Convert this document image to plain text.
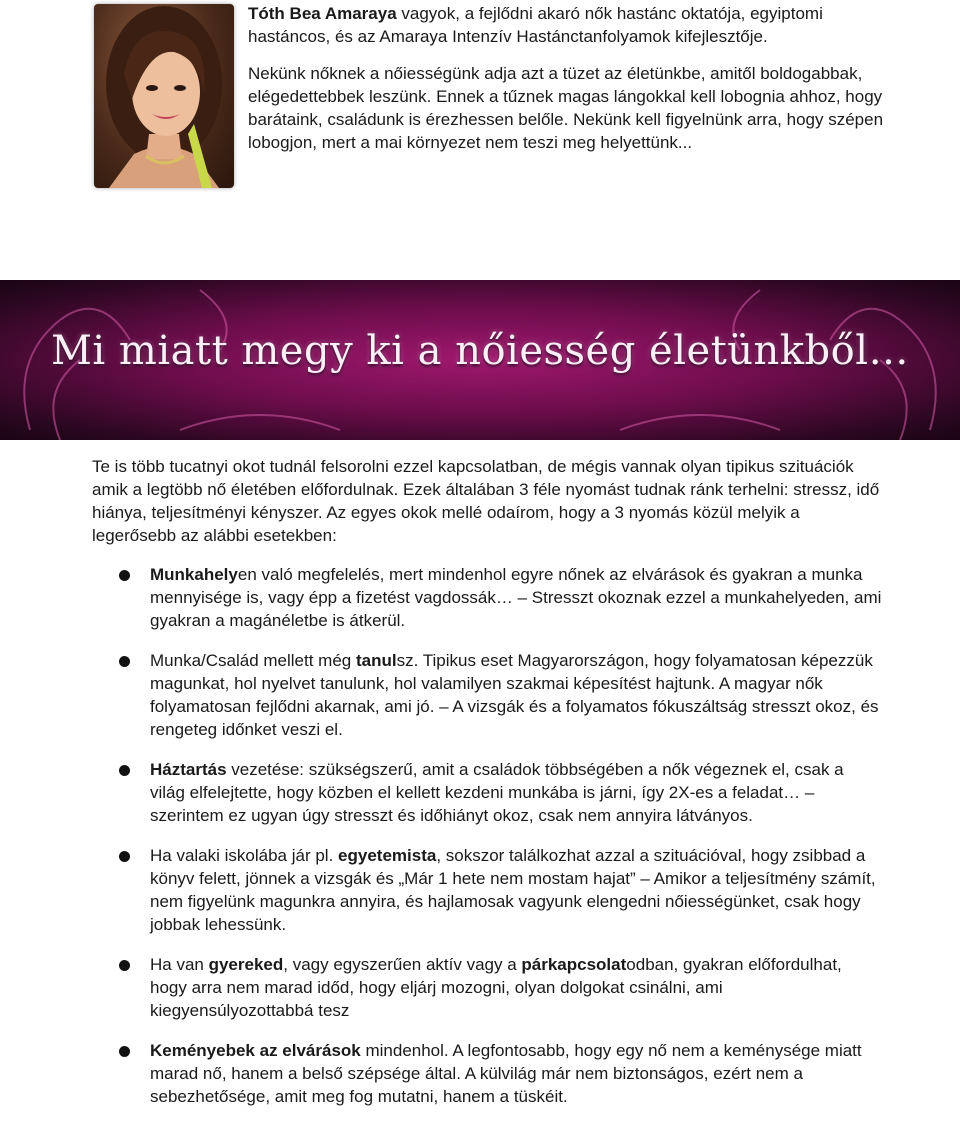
Tóth Bea Amaraya vagyok, a fejlődni akaró nők hastánc oktatója, egyiptomi hastáncos, és az Amaraya Intenzív Hastánctanfolyamok kifejlesztője.

Nekünk nőknek a nőiességünk adja azt a tüzet az életünkbe, amitől boldogabbak, elégedettebbek leszünk. Ennek a tűznek magas lángokkal kell lobognia ahhoz, hogy barátaink, családunk is érezhessen belőle. Nekünk kell figyelnünk arra, hogy szépen lobogjon, mert a mai környezet nem teszi meg helyettünk...

Mi miatt megy ki a nőiesség életünkből…

Te is több tucatnyi okot tudnál felsorolni ezzel kapcsolatban, de mégis vannak olyan tipikus szituációk amik a legtöbb nő életében előfordulnak. Ezek általában 3 féle nyomást tudnak ránk terhelni: stressz, idő hiánya, teljesítményi kényszer. Az egyes okok mellé odaírom, hogy a 3 nyomás közül melyik a legerősebb az alábbi esetekben:

Munkahelyen való megfelelés, mert mindenhol egyre nőnek az elvárások és gyakran a munka mennyisége is, vagy épp a fizetést vagdossák… – Stresszt okoznak ezzel a munkahelyeden, ami gyakran a magánéletbe is átkerül.
Munka/Család mellett még tanulsz. Tipikus eset Magyarországon, hogy folyamatosan képezzük magunkat, hol nyelvet tanulunk, hol valamilyen szakmai képesítést hajtunk. A magyar nők folyamatosan fejlődni akarnak, ami jó. – A vizsgák és a folyamatos fókuszáltság stresszt okoz, és rengeteg időnket veszi el.
Háztartás vezetése: szükségszerű, amit a családok többségében a nők végeznek el, csak a világ elfelejtette, hogy közben el kellett kezdeni munkába is járni, így 2X-es a feladat… – szerintem ez ugyan úgy stresszt és időhiányt okoz, csak nem annyira látványos.
Ha valaki iskolába jár pl. egyetemista, sokszor találkozhat azzal a szituációval, hogy zsibbad a könyv felett, jönnek a vizsgák és „Már 1 hete nem mostam hajat” – Amikor a teljesítmény számít, nem figyelünk magunkra annyira, és hajlamosak vagyunk elengedni nőiességünket, csak hogy jobbak lehessünk.
Ha van gyereked, vagy egyszerűen aktív vagy a párkapcsolatodban, gyakran előfordulhat, hogy arra nem marad időd, hogy eljárj mozogni, olyan dolgokat csinálni, ami kiegyensúlyozottabbá tesz
Keményebek az elvárások mindenhol. A legfontosabb, hogy egy nő nem a keménysége miatt marad nő, hanem a belső szépsége által. A külvilág már nem biztonságos, ezért nem a sebezhetősége, amit meg fog mutatni, hanem a tüskéit.
